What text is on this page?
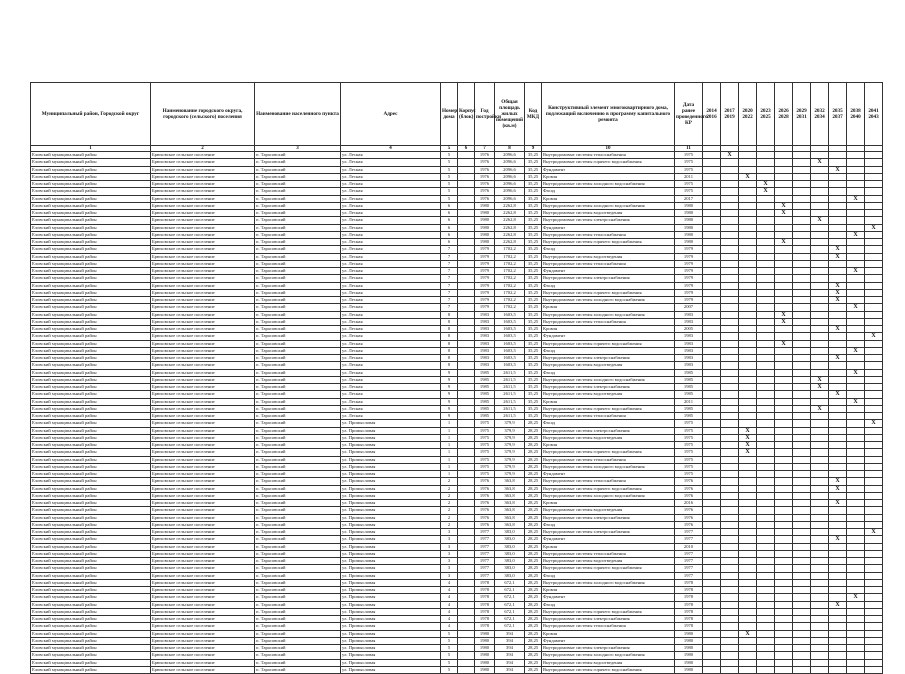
Муниципальный район, Городской округ	Наименование городского округа, городского (сельского) поселения	Наименование населенного пункта	Адрес	Номер дома	Корпус (блок)	Год постройки	Общая площадь жилых помещений (кв.м)	Код МКД	Конструктивный элемент многоквартирного дома, подлежащий включению в программу капитального ремонта	Дата ранее проведенного КР	2014 2016	2017 2019	2020 2022	2023 2025	2026 2028	2029 2031	2032 2034	2035 2037	2038 2040	2041 2043
1	2	3	4	5	6	7	8	9	10	11										
Еловский муниципальный район	Брюховское сельское поселение	п. Тарасовский	ул. Лесная	5		1976	2096,6	35,25	Внутридомовые системы теплоснабжения	1975		X								
Еловский муниципальный район	Брюховское сельское поселение	п. Тарасовский	ул. Лесная	5		1976	2096,6	35,25	Внутридомовые системы горячего водоснабжения	1975							X			
Еловский муниципальный район	Брюховское сельское поселение	п. Тарасовский	ул. Лесная	5		1976	2096,6	35,25	Фундамент	1975								X		
Еловский муниципальный район	Брюховское сельское поселение	п. Тарасовский	ул. Лесная	5		1976	2096,6	35,25	Кровля	2011			X							
Еловский муниципальный район	Брюховское сельское поселение	п. Тарасовский	ул. Лесная	5		1976	2096,6	35,25	Внутридомовые системы холодного водоснабжения	1975				X						
Еловский муниципальный район	Брюховское сельское поселение	п. Тарасовский	ул. Лесная	5		1976	2096,6	35,25	Фасад	1975				X						
Еловский муниципальный район	Брюховское сельское поселение	п. Тарасовский	ул. Лесная	5		1976	2096,6	35,25	Кровля	2017									X	
Еловский муниципальный район	Брюховское сельское поселение	п. Тарасовский	ул. Лесная	6		1980	2262,8	35,25	Внутридомовые системы холодного водоснабжения	1980					X					
Еловский муниципальный район	Брюховское сельское поселение	п. Тарасовский	ул. Лесная	6		1980	2262,8	35,25	Внутридомовые системы водоотведения	1980					X					
Еловский муниципальный район	Брюховское сельское поселение	п. Тарасовский	ул. Лесная	6		1980	2262,8	35,25	Внутридомовые системы электроснабжения	1980							X			
Еловский муниципальный район	Брюховское сельское поселение	п. Тарасовский	ул. Лесная	6		1980	2262,8	35,25	Фундамент	1980										X
Еловский муниципальный район	Брюховское сельское поселение	п. Тарасовский	ул. Лесная	6		1980	2262,8	35,25	Внутридомовые системы теплоснабжения	1980									X	
Еловский муниципальный район	Брюховское сельское поселение	п. Тарасовский	ул. Лесная	6		1980	2262,8	35,25	Внутридомовые системы горячего водоснабжения	1980					X					
Еловский муниципальный район	Брюховское сельское поселение	п. Тарасовский	ул. Лесная	7		1979	1702,2	35,25	Фасад	1979								X		
Еловский муниципальный район	Брюховское сельское поселение	п. Тарасовский	ул. Лесная	7		1979	1702,2	35,25	Внутридомовые системы водоотведения	1979								X		
Еловский муниципальный район	Брюховское сельское поселение	п. Тарасовский	ул. Лесная	7		1979	1702,2	35,25	Внутридомовые системы теплоснабжения	1979										
Еловский муниципальный район	Брюховское сельское поселение	п. Тарасовский	ул. Лесная	7		1979	1702,2	35,25	Фундамент	1979									X	
Еловский муниципальный район	Брюховское сельское поселение	п. Тарасовский	ул. Лесная	7		1979	1702,2	35,25	Внутридомовые системы электроснабжения	1979										
Еловский муниципальный район	Брюховское сельское поселение	п. Тарасовский	ул. Лесная	7		1979	1702,2	35,25	Фасад	1979								X		
Еловский муниципальный район	Брюховское сельское поселение	п. Тарасовский	ул. Лесная	7		1979	1702,2	35,25	Внутридомовые системы горячего водоснабжения	1979								X		
Еловский муниципальный район	Брюховское сельское поселение	п. Тарасовский	ул. Лесная	7		1979	1702,2	35,25	Внутридомовые системы холодного водоснабжения	1979								X		
Еловский муниципальный район	Брюховское сельское поселение	п. Тарасовский	ул. Лесная	7		1979	1702,2	35,25	Кровля	2007									X	
Еловский муниципальный район	Брюховское сельское поселение	п. Тарасовский	ул. Лесная	8		1983	1603,5	35,25	Внутридомовые системы холодного водоснабжения	1983					X					
Еловский муниципальный район	Брюховское сельское поселение	п. Тарасовский	ул. Лесная	8		1983	1603,5	35,25	Внутридомовые системы теплоснабжения	1983					X					
Еловский муниципальный район	Брюховское сельское поселение	п. Тарасовский	ул. Лесная	8		1983	1603,5	35,25	Кровля	2005								X		
Еловский муниципальный район	Брюховское сельское поселение	п. Тарасовский	ул. Лесная	8		1983	1603,5	35,25	Фундамент	1983										X
Еловский муниципальный район	Брюховское сельское поселение	п. Тарасовский	ул. Лесная	8		1983	1603,5	35,25	Внутридомовые системы горячего водоснабжения	1983					X					
Еловский муниципальный район	Брюховское сельское поселение	п. Тарасовский	ул. Лесная	8		1983	1603,5	35,25	Фасад	1983									X	
Еловский муниципальный район	Брюховское сельское поселение	п. Тарасовский	ул. Лесная	8		1983	1603,5	35,25	Внутридомовые системы электроснабжения	1983								X		
Еловский муниципальный район	Брюховское сельское поселение	п. Тарасовский	ул. Лесная	8		1983	1603,5	35,25	Внутридомовые системы водоотведения	1983										
Еловский муниципальный район	Брюховское сельское поселение	п. Тарасовский	ул. Лесная	9		1985	2611,5	35,25	Фасад	1985									X	
Еловский муниципальный район	Брюховское сельское поселение	п. Тарасовский	ул. Лесная	9		1985	2611,5	35,25	Внутридомовые системы холодного водоснабжения	1985							X			
Еловский муниципальный район	Брюховское сельское поселение	п. Тарасовский	ул. Лесная	9		1985	2611,5	35,25	Внутридомовые системы электроснабжения	1985							X			
Еловский муниципальный район	Брюховское сельское поселение	п. Тарасовский	ул. Лесная	9		1985	2611,5	35,25	Внутридомовые системы водоотведения	1985								X		
Еловский муниципальный район	Брюховское сельское поселение	п. Тарасовский	ул. Лесная	9		1985	2611,5	35,25	Кровля	2011									X	
Еловский муниципальный район	Брюховское сельское поселение	п. Тарасовский	ул. Лесная	9		1985	2611,5	35,25	Внутридомовые системы горячего водоснабжения	1985							X			
Еловский муниципальный район	Брюховское сельское поселение	п. Тарасовский	ул. Лесная	9		1985	2611,5	35,25	Внутридомовые системы теплоснабжения	1985										
Еловский муниципальный район	Брюховское сельское поселение	п. Тарасовский	ул. Промысловая	1		1975	379,9	28,25	Фасад	1975										X
Еловский муниципальный район	Брюховское сельское поселение	п. Тарасовский	ул. Промысловая	1		1975	379,9	28,25	Внутридомовые системы электроснабжения	1975			X							
Еловский муниципальный район	Брюховское сельское поселение	п. Тарасовский	ул. Промысловая	1		1975	379,9	28,25	Внутридомовые системы водоотведения	1975			X							
Еловский муниципальный район	Брюховское сельское поселение	п. Тарасовский	ул. Промысловая	1		1975	379,9	28,25	Кровля	1975			X							
Еловский муниципальный район	Брюховское сельское поселение	п. Тарасовский	ул. Промысловая	1		1975	379,9	28,25	Внутридомовые системы горячего водоснабжения	1975			X							
Еловский муниципальный район	Брюховское сельское поселение	п. Тарасовский	ул. Промысловая	1		1975	379,9	28,25	Внутридомовые системы теплоснабжения	1975										
Еловский муниципальный район	Брюховское сельское поселение	п. Тарасовский	ул. Промысловая	1		1975	379,9	28,25	Внутридомовые системы холодного водоснабжения	1975										
Еловский муниципальный район	Брюховское сельское поселение	п. Тарасовский	ул. Промысловая	1		1975	379,9	28,25	Фундамент	1975										
Еловский муниципальный район	Брюховское сельское поселение	п. Тарасовский	ул. Промысловая	2		1976	363,8	28,25	Внутридомовые системы теплоснабжения	1976								X		
Еловский муниципальный район	Брюховское сельское поселение	п. Тарасовский	ул. Промысловая	2		1976	363,8	28,25	Внутридомовые системы горячего водоснабжения	1976								X		
Еловский муниципальный район	Брюховское сельское поселение	п. Тарасовский	ул. Промысловая	2		1976	363,8	28,25	Внутридомовые системы холодного водоснабжения	1976										
Еловский муниципальный район	Брюховское сельское поселение	п. Тарасовский	ул. Промысловая	2		1976	363,8	28,25	Кровля	2016								X		
Еловский муниципальный район	Брюховское сельское поселение	п. Тарасовский	ул. Промысловая	2		1976	363,8	28,25	Внутридомовые системы водоотведения	1976										
Еловский муниципальный район	Брюховское сельское поселение	п. Тарасовский	ул. Промысловая	2		1976	363,8	28,25	Внутридомовые системы электроснабжения	1976										
Еловский муниципальный район	Брюховское сельское поселение	п. Тарасовский	ул. Промысловая	2		1976	363,8	28,25	Фасад	1976										
Еловский муниципальный район	Брюховское сельское поселение	п. Тарасовский	ул. Промысловая	3		1977	383,0	28,25	Внутридомовые системы электроснабжения	1977										X
Еловский муниципальный район	Брюховское сельское поселение	п. Тарасовский	ул. Промысловая	3		1977	383,0	28,25	Фундамент	1977								X		
Еловский муниципальный район	Брюховское сельское поселение	п. Тарасовский	ул. Промысловая	3		1977	383,0	28,25	Кровля	2010										
Еловский муниципальный район	Брюховское сельское поселение	п. Тарасовский	ул. Промысловая	3		1977	383,0	28,25	Внутридомовые системы теплоснабжения	1977										
Еловский муниципальный район	Брюховское сельское поселение	п. Тарасовский	ул. Промысловая	3		1977	383,0	28,25	Внутридомовые системы водоотведения	1977										
Еловский муниципальный район	Брюховское сельское поселение	п. Тарасовский	ул. Промысловая	3		1977	383,0	28,25	Внутридомовые системы горячего водоснабжения	1977										
Еловский муниципальный район	Брюховское сельское поселение	п. Тарасовский	ул. Промысловая	3		1977	383,0	28,25	Фасад	1977										
Еловский муниципальный район	Брюховское сельское поселение	п. Тарасовский	ул. Промысловая	4		1978	672,1	28,25	Внутридомовые системы холодного водоснабжения	1978										
Еловский муниципальный район	Брюховское сельское поселение	п. Тарасовский	ул. Промысловая	4		1978	672,1	28,25	Кровля	1978										
Еловский муниципальный район	Брюховское сельское поселение	п. Тарасовский	ул. Промысловая	4		1978	672,1	28,25	Фундамент	1978									X	
Еловский муниципальный район	Брюховское сельское поселение	п. Тарасовский	ул. Промысловая	4		1978	672,1	28,25	Фасад	1978								X		
Еловский муниципальный район	Брюховское сельское поселение	п. Тарасовский	ул. Промысловая	4		1978	672,1	28,25	Внутридомовые системы горячего водоснабжения	1978										
Еловский муниципальный район	Брюховское сельское поселение	п. Тарасовский	ул. Промысловая	4		1978	672,1	28,25	Внутридомовые системы электроснабжения	1978										
Еловский муниципальный район	Брюховское сельское поселение	п. Тарасовский	ул. Промысловая	4		1978	672,1	28,25	Внутридомовые системы теплоснабжения	1978										
Еловский муниципальный район	Брюховское сельское поселение	п. Тарасовский	ул. Промысловая	5		1980	394	28,25	Кровля	1980			X							
Еловский муниципальный район	Брюховское сельское поселение	п. Тарасовский	ул. Промысловая	5		1980	394	28,25	Фундамент	1980										
Еловский муниципальный район	Брюховское сельское поселение	п. Тарасовский	ул. Промысловая	5		1980	394	28,25	Внутридомовые системы электроснабжения	1980										
Еловский муниципальный район	Брюховское сельское поселение	п. Тарасовский	ул. Промысловая	5		1980	394	28,25	Внутридомовые системы холодного водоснабжения	1980										
Еловский муниципальный район	Брюховское сельское поселение	п. Тарасовский	ул. Промысловая	5		1980	394	28,25	Внутридомовые системы водоотведения	1980										
Еловский муниципальный район	Брюховское сельское поселение	п. Тарасовский	ул. Промысловая	5		1980	394	28,25	Внутридомовые системы горячего водоснабжения	1980										
